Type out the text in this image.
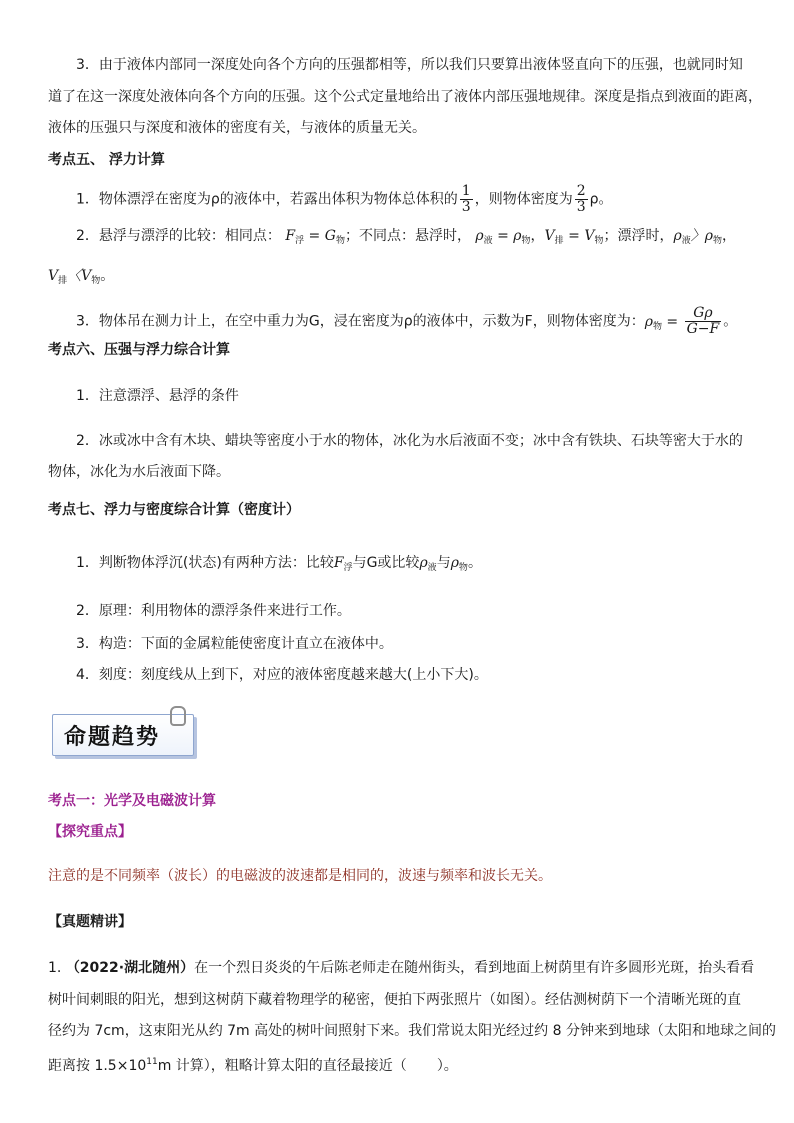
3．由于液体内部同一深度处向各个方向的压强都相等，所以我们只要算出液体竖直向下的压强，也就同时知
道了在这一深度处液体向各个方向的压强。这个公式定量地给出了液体内部压强地规律。深度是指点到液面的距离，
液体的压强只与深度和液体的密度有关，与液体的质量无关。
考点五、 浮力计算
1．物体漂浮在密度为ρ的液体中，若露出体积为物体总体积的 $\frac{1}{3}$ ，则物体密度为 $\frac{2}{3}$ ρ。
2．悬浮与漂浮的比较：相同点： $F_浮 = G_物$；不同点：悬浮时， $\rho_液 = \rho_物$，$V_排 = V_物$；漂浮时，$\rho_液$〉$\rho_物$，
$V_排$〈$V_物$。
3．物体吊在测力计上，在空中重力为G，浸在密度为ρ的液体中，示数为F，则物体密度为：$\rho_物 = \frac{G\rho}{G-F}$ 。
考点六、压强与浮力综合计算
1．注意漂浮、悬浮的条件
2．冰或冰中含有木块、蜡块等密度小于水的物体，冰化为水后液面不变；冰中含有铁块、石块等密大于水的
物体，冰化为水后液面下降。
考点七、浮力与密度综合计算（密度计）
1．判断物体浮沉(状态)有两种方法：比较$F_浮$与G或比较$\rho_液$与$\rho_物$。
2．原理：利用物体的漂浮条件来进行工作。
3．构造：下面的金属粒能使密度计直立在液体中。
4．刻度：刻度线从上到下，对应的液体密度越来越大(上小下大)。
命题趋势
考点一：光学及电磁波计算
【探究重点】
注意的是不同频率（波长）的电磁波的波速都是相同的，波速与频率和波长无关。
【真题精讲】
1. （2022·湖北随州）在一个烈日炎炎的午后陈老师走在随州街头，看到地面上树荫里有许多圆形光斑，抬头看看
树叶间刺眼的阳光，想到这树荫下藏着物理学的秘密，便拍下两张照片（如图）。经估测树荫下一个清晰光斑的直
径约为 7cm，这束阳光从约 7m 高处的树叶间照射下来。我们常说太阳光经过约 8 分钟来到地球（太阳和地球之间的
距离按 $1.5\times 10^{11}m$ 计算），粗略计算太阳的直径最接近（ ）。
